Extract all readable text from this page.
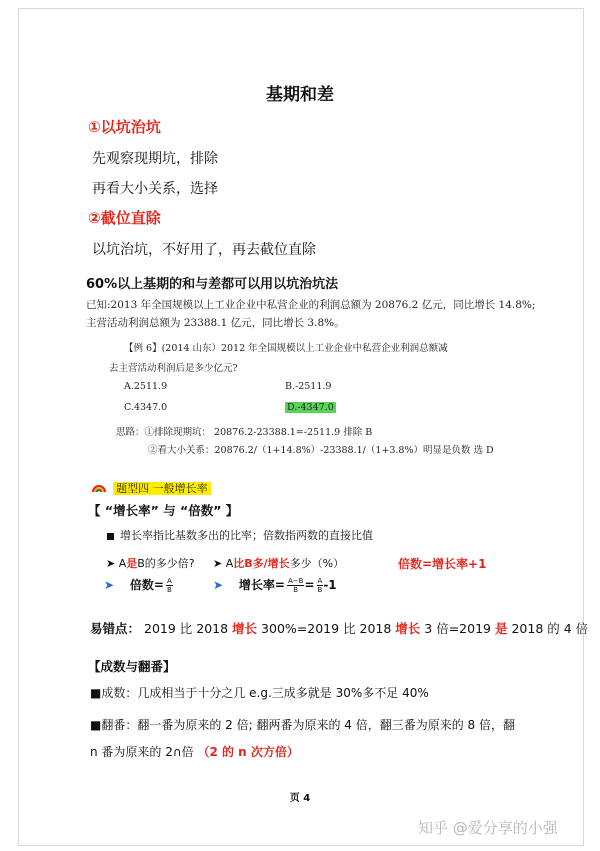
基期和差
①以坑治坑
先观察现期坑，排除
再看大小关系，选择
②截位直除
以坑治坑，不好用了，再去截位直除
60%以上基期的和与差都可以用以坑治坑法
已知:2013 年全国规模以上工业企业中私营企业的利润总额为 20876.2 亿元，同比增长 14.8%;
主营活动利润总额为 23388.1 亿元，同比增长 3.8%。
【例 6】(2014 山东）2012 年全国规模以上工业企业中私营企业利润总额减
去主营活动利润后是多少亿元?
A.2511.9	B.-2511.9
C.4347.0	D.-4347.0
思路：①排除现期坑： 20876.2-23388.1=-2511.9 排除 B
②看大小关系：20876.2/（1+14.8%）-23388.1/（1+3.8%）明显是负数 选 D
题型四 一般增长率
【 “增长率” 与 “倍数” 】
增长率指比基数多出的比率；倍数指两数的直接比值
➤ A是B的多少倍? ➤ A比B多/增长多少（%）	倍数=增长率+1
➤ 倍数= $\frac{A}{B}$	➤ 增长率= $\frac{A-B}{B} = \frac{A}{B} -1$
易错点： 2019 比 2018 增长 300%=2019 比 2018 增长 3 倍=2019 是 2018 的 4 倍
【成数与翻番】
■成数：几成相当于十分之几 e.g.三成多就是 30%多不足 40%
■翻番：翻一番为原来的 2 倍; 翻两番为原来的 4 倍，翻三番为原来的 8 倍，翻
n 番为原来的 2∩倍 （2 的 n 次方倍）
页 4
知乎 @爱分享的小强
